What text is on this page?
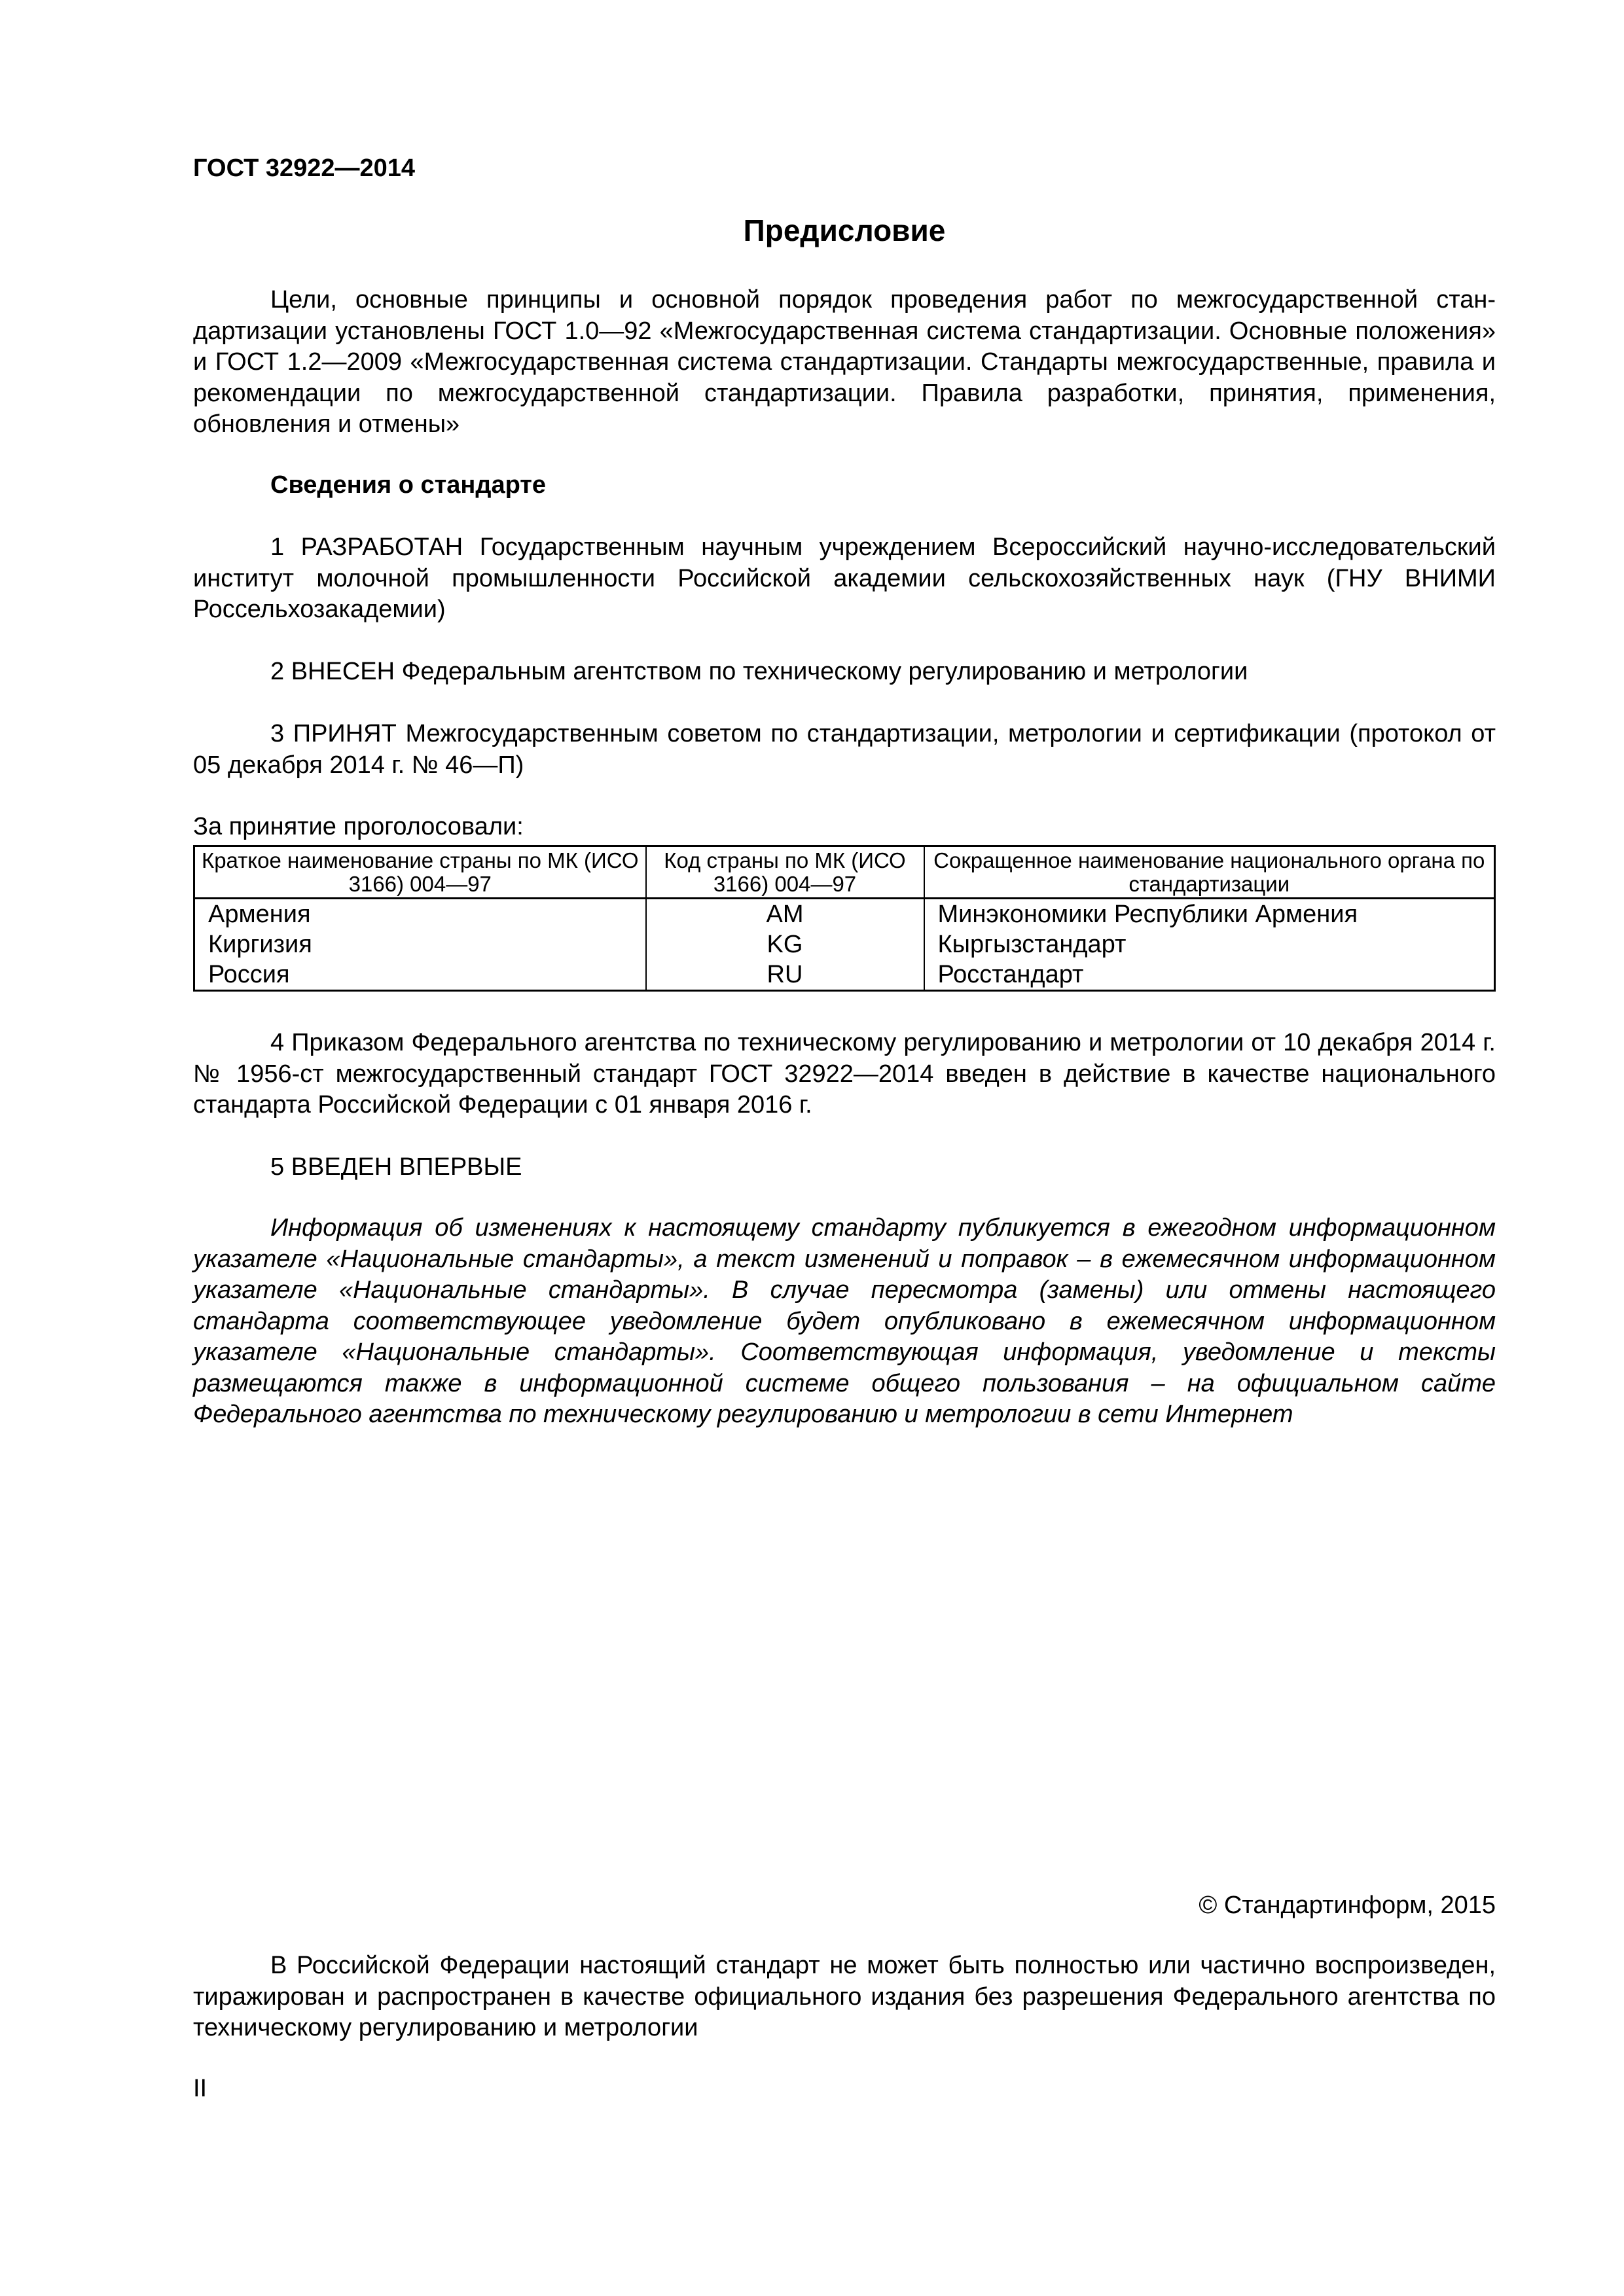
ГОСТ 32922—2014

Предисловие

Цели, основные принципы и основной порядок проведения работ по межгосударственной стандартизации установлены ГОСТ 1.0—92 «Межгосударственная система стандартизации. Основные положения» и ГОСТ 1.2—2009 «Межгосударственная система стандартизации. Стандарты межгосударственные, правила и рекомендации по межгосударственной стандартизации. Правила разработки, принятия, применения, обновления и отмены»

Сведения о стандарте

1 РАЗРАБОТАН Государственным научным учреждением Всероссийский научно-исследовательский институт молочной промышленности Российской академии сельскохозяйственных наук (ГНУ ВНИМИ Россельхозакадемии)

2 ВНЕСЕН Федеральным агентством по техническому регулированию и метрологии

3 ПРИНЯТ Межгосударственным советом по стандартизации, метрологии и сертификации (протокол от 05 декабря 2014 г. № 46—П)

За принятие проголосовали:

Краткое наименование страны по МК (ИСО 3166) 004—97	Код страны по МК (ИСО 3166) 004—97	Сокращенное наименование национального органа по стандартизации
Армения	AM	Минэкономики Республики Армения
Киргизия	KG	Кыргызстандарт
Россия	RU	Росстандарт

4 Приказом Федерального агентства по техническому регулированию и метрологии от 10 декабря 2014 г. № 1956-ст межгосударственный стандарт ГОСТ 32922—2014 введен в действие в качестве национального стандарта Российской Федерации с 01 января 2016 г.

5 ВВЕДЕН ВПЕРВЫЕ

Информация об изменениях к настоящему стандарту публикуется в ежегодном информационном указателе «Национальные стандарты», а текст изменений и поправок – в ежемесячном информационном указателе «Национальные стандарты». В случае пересмотра (замены) или отмены настоящего стандарта соответствующее уведомление будет опубликовано в ежемесячном информационном указателе «Национальные стандарты». Соответствующая информация, уведомление и тексты размещаются также в информационной системе общего пользования – на официальном сайте Федерального агентства по техническому регулированию и метрологии в сети Интернет

© Стандартинформ, 2015

В Российской Федерации настоящий стандарт не может быть полностью или частично воспроизведен, тиражирован и распространен в качестве официального издания без разрешения Федерального агентства по техническому регулированию и метрологии

II
